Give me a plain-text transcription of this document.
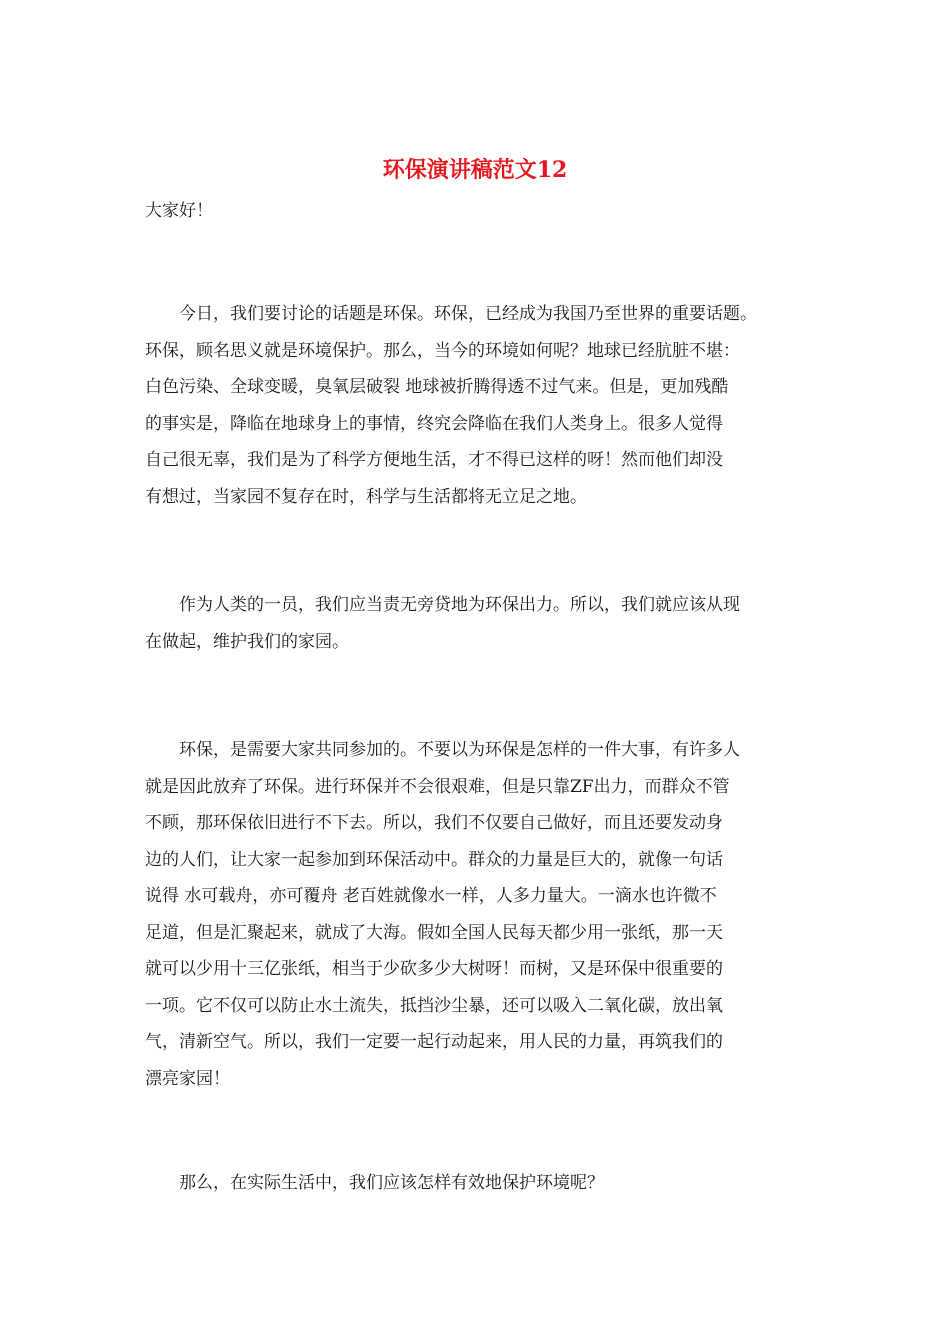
环保演讲稿范文12

大家好！

　　今日，我们要讨论的话题是环保。环保，已经成为我国乃至世界的重要话题。
环保，顾名思义就是环境保护。那么，当今的环境如何呢？地球已经肮脏不堪：
白色污染、全球变暖，臭氧层破裂 地球被折腾得透不过气来。但是，更加残酷
的事实是，降临在地球身上的事情，终究会降临在我们人类身上。很多人觉得
自己很无辜，我们是为了科学方便地生活，才不得已这样的呀！然而他们却没
有想过，当家园不复存在时，科学与生活都将无立足之地。
　　作为人类的一员，我们应当责无旁贷地为环保出力。所以，我们就应该从现
在做起，维护我们的家园。
　　环保，是需要大家共同参加的。不要以为环保是怎样的一件大事，有许多人
就是因此放弃了环保。进行环保并不会很艰难，但是只靠ZF出力，而群众不管
不顾，那环保依旧进行不下去。所以，我们不仅要自己做好，而且还要发动身
边的人们，让大家一起参加到环保活动中。群众的力量是巨大的，就像一句话
说得 水可载舟，亦可覆舟 老百姓就像水一样，人多力量大。一滴水也许微不
足道，但是汇聚起来，就成了大海。假如全国人民每天都少用一张纸，那一天
就可以少用十三亿张纸，相当于少砍多少大树呀！而树，又是环保中很重要的
一项。它不仅可以防止水土流失，抵挡沙尘暴，还可以吸入二氧化碳，放出氧
气，清新空气。所以，我们一定要一起行动起来，用人民的力量，再筑我们的
漂亮家园！
　　那么，在实际生活中，我们应该怎样有效地保护环境呢？
